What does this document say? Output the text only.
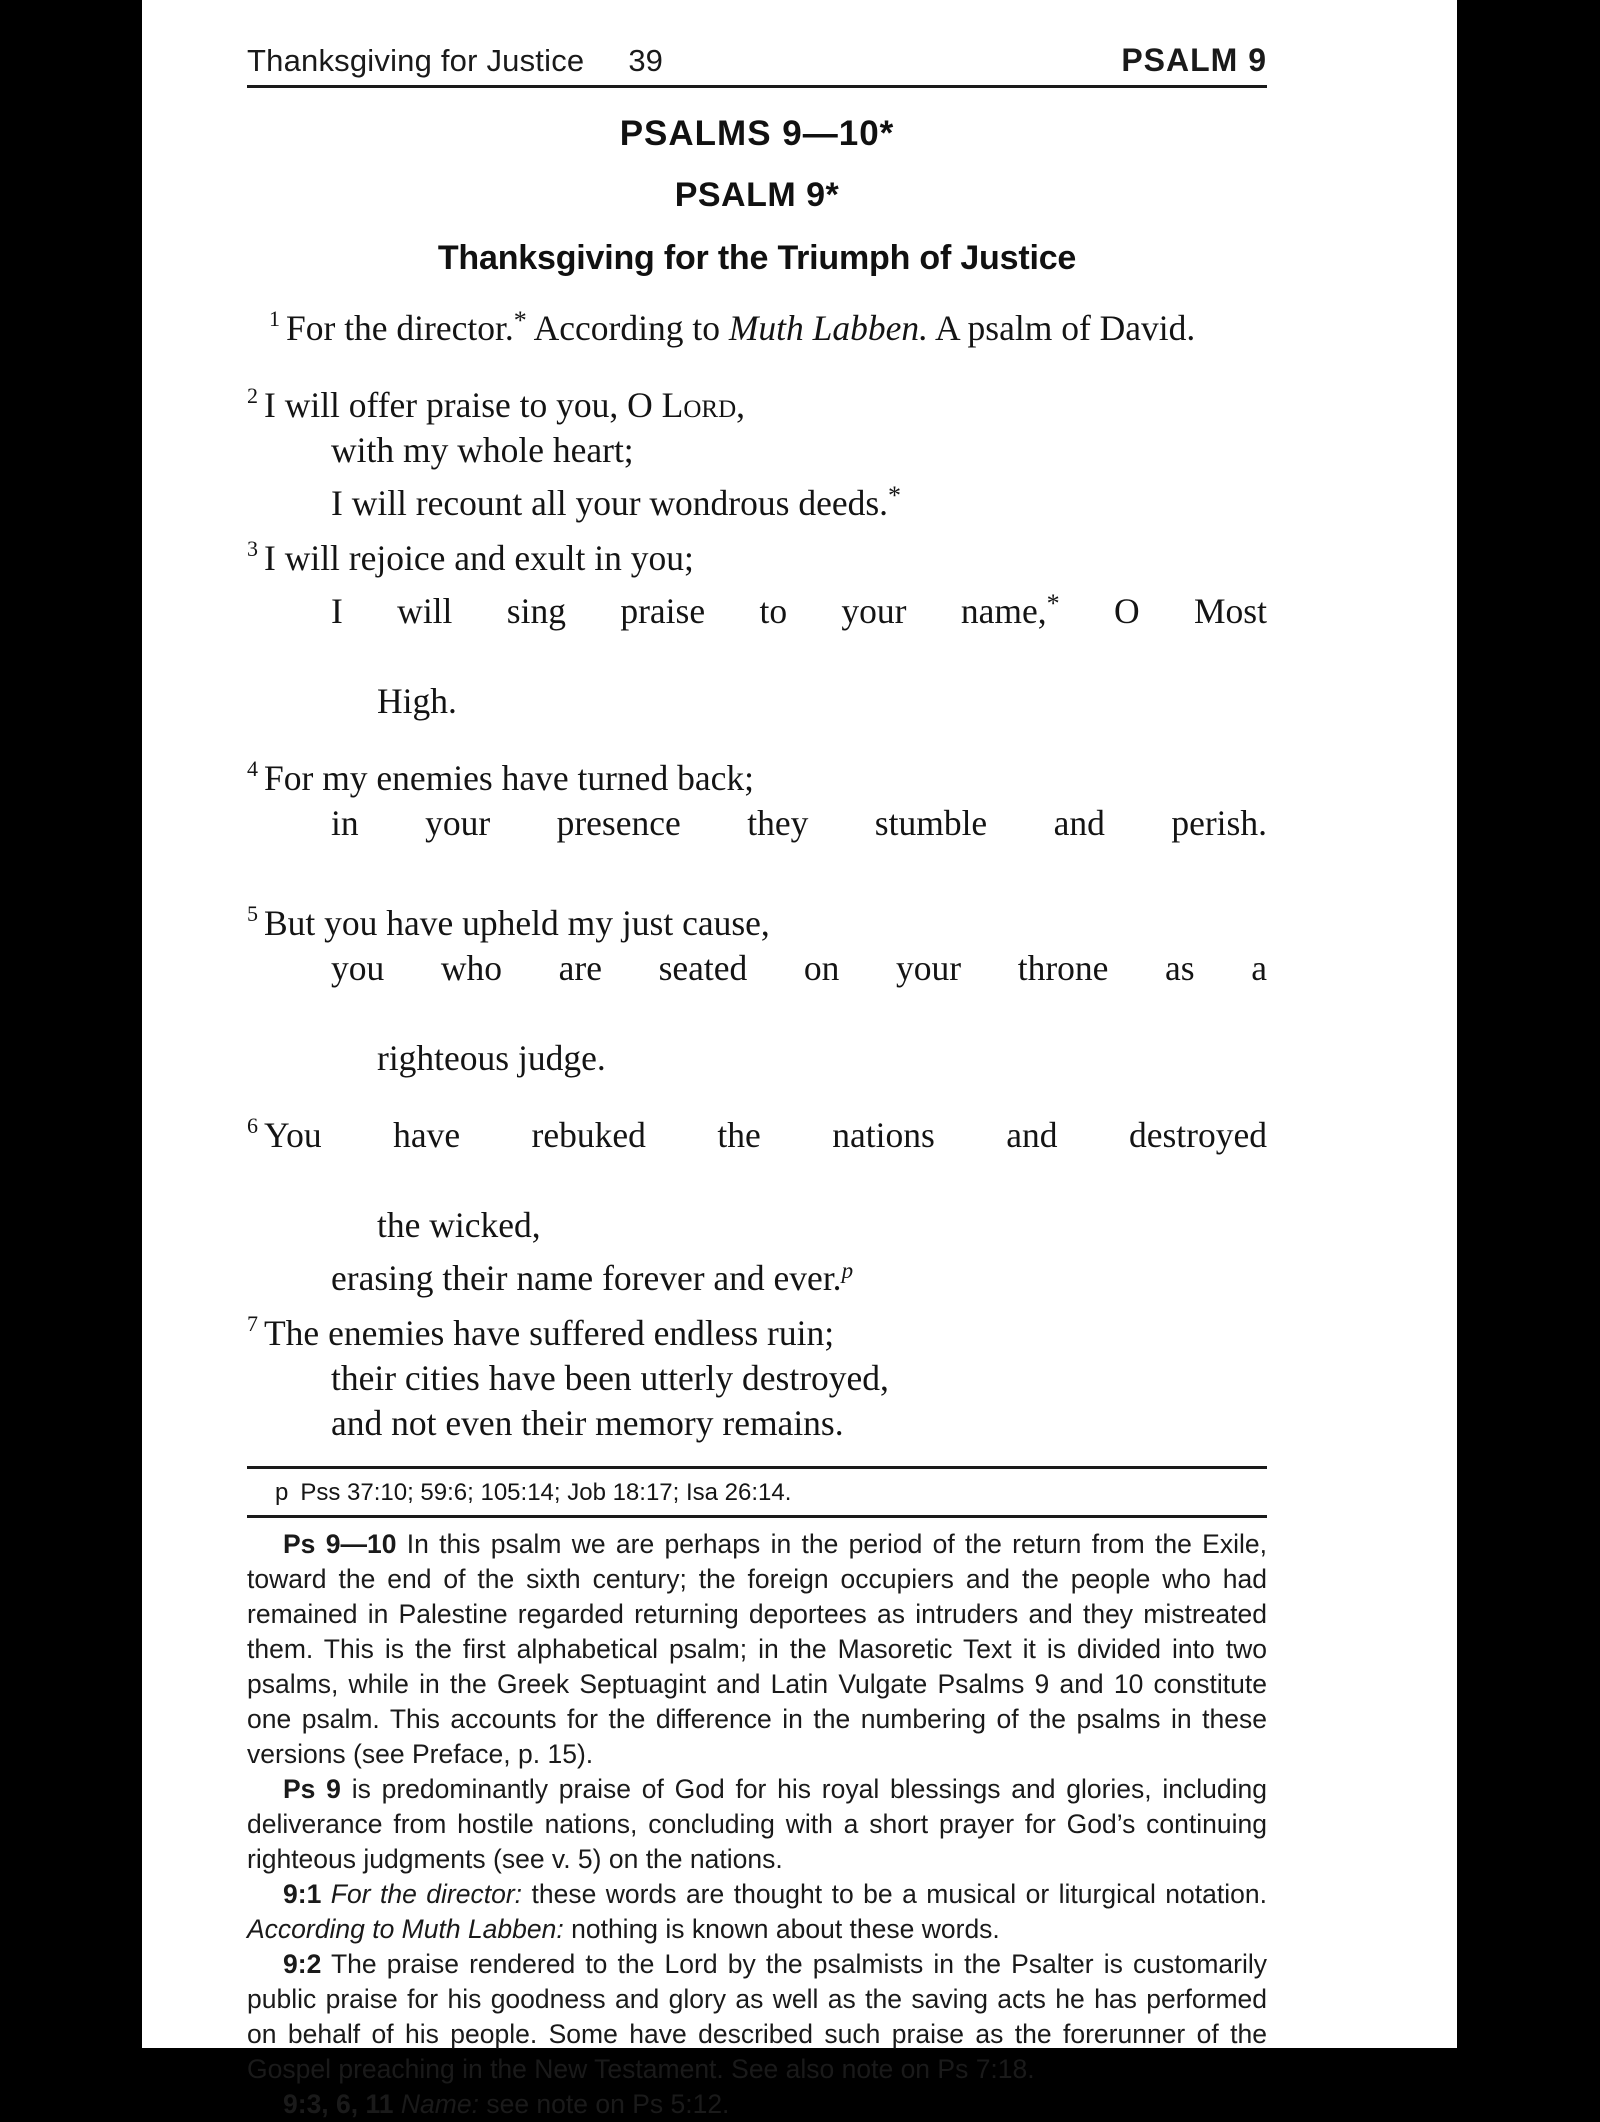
Thanksgiving for Justice 39	PSALM 9
PSALMS 9—10*
PSALM 9*
Thanksgiving for the Triumph of Justice
$^1$ For the director.* According to Muth Labben. A psalm of David.
$^2$ I will offer praise to you, O Lord,
with my whole heart;
I will recount all your wondrous deeds.*
$^3$ I will rejoice and exult in you;
I will sing praise to your name,* O Most
High.
$^4$ For my enemies have turned back;
in your presence they stumble and perish.
$^5$ But you have upheld my just cause,
you who are seated on your throne as a
righteous judge.
$^6$ You have rebuked the nations and destroyed
the wicked,
erasing their name forever and ever.$^p$
$^7$ The enemies have suffered endless ruin;
their cities have been utterly destroyed,
and not even their memory remains.
p Pss 37:10; 59:6; 105:14; Job 18:17; Isa 26:14.

Ps 9—10 In this psalm we are perhaps in the period of the return from the Exile, toward the end of the sixth century; the foreign occupiers and the people who had remained in Palestine regarded returning deportees as intruders and they mistreated them. This is the first alphabetical psalm; in the Masoretic Text it is divided into two psalms, while in the Greek Septuagint and Latin Vulgate Psalms 9 and 10 constitute one psalm. This accounts for the difference in the numbering of the psalms in these versions (see Preface, p. 15).

Ps 9 is predominantly praise of God for his royal blessings and glories, including deliverance from hostile nations, concluding with a short prayer for God’s continuing righteous judgments (see v. 5) on the nations.

9:1 For the director: these words are thought to be a musical or liturgical notation. According to Muth Labben: nothing is known about these words.

9:2 The praise rendered to the Lord by the psalmists in the Psalter is customarily public praise for his goodness and glory as well as the saving acts he has performed on behalf of his people. Some have described such praise as the forerunner of the Gospel preaching in the New Testament. See also note on Ps 7:18.

9:3, 6, 11 Name: see note on Ps 5:12.
